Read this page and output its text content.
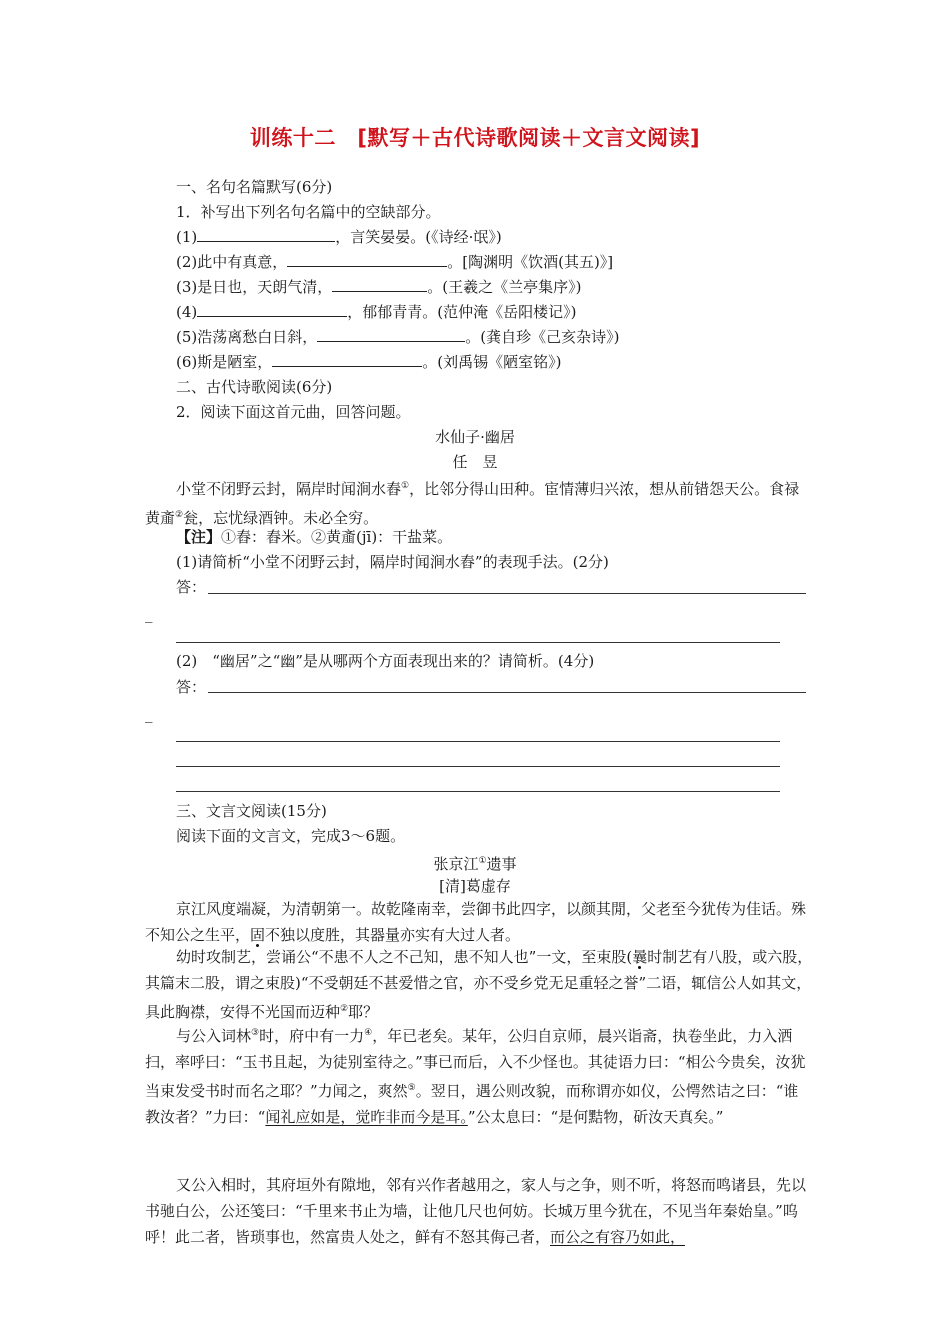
训练十二　[默写＋古代诗歌阅读＋文言文阅读]
一、名句名篇默写(6分)
1．补写出下列名句名篇中的空缺部分。
(1)	，言笑晏晏。(《诗经·氓》)
(2)此中有真意，	。[陶渊明《饮酒(其五)》]
(3)是日也，天朗气清，	。(王羲之《兰亭集序》)
(4)	，郁郁青青。(范仲淹《岳阳楼记》)
(5)浩荡离愁白日斜，	。(龚自珍《己亥杂诗》)
(6)斯是陋室，	。(刘禹锡《陋室铭》)
二、古代诗歌阅读(6分)
2．阅读下面这首元曲，回答问题。
水仙子·幽居
任　昱
小堂不闭野云封，隔岸时闻涧水舂①，比邻分得山田种。宦情薄归兴浓，想从前错怨天公。食禄黄齑②瓮，忘忧绿酒钟。未必全穷。
【注】①舂：舂米。②黄齑(jī)：干盐菜。
(1)请简析“小堂不闭野云封，隔岸时闻涧水舂”的表现手法。(2分)
答：
_
(2)　“幽居”之“幽”是从哪两个方面表现出来的？请简析。(4分)
答：
_
三、文言文阅读(15分)
阅读下面的文言文，完成3～6题。
张京江①遗事
[清]葛虚存
京江风度端凝，为清朝第一。故乾隆南幸，尝御书此四字，以颜其閒，父老至今犹传为佳话。殊不知公之生平，固不独以度胜，其器量亦实有大过人者。
幼时攻制艺，尝诵公“不患不人之不己知，患不知人也”一文，至束股(曩时制艺有八股，或六股，其篇末二股，谓之束股)“不受朝廷不甚爱惜之官，亦不受乡党无足重轻之誉”二语，辄信公人如其文，具此胸襟，安得不光国而迈种②耶？
与公入词林③时，府中有一力④，年已老矣。某年，公归自京师，晨兴诣斋，执卷坐此，力入洒扫，率呼曰：“玉书且起，为徒别室待之。”事已而后，入不少怪也。其徒语力曰：“相公今贵矣，汝犹当束发受书时而名之耶？”力闻之，爽然⑤。翌日，遇公则改貌，而称谓亦如仪，公愕然诘之曰：“谁教汝者？”力曰：“闻礼应如是，觉昨非而今是耳。”公太息曰：“是何黠物，斫汝天真矣。”
又公入相时，其府垣外有隙地，邻有兴作者越用之，家人与之争，则不听，将怒而鸣诸县，先以书驰白公，公还笺曰：“千里来书止为墙，让他几尺也何妨。长城万里今犹在，不见当年秦始皇。”呜呼！此二者，皆琐事也，然富贵人处之，鲜有不怒其侮己者，而公之有容乃如此，
